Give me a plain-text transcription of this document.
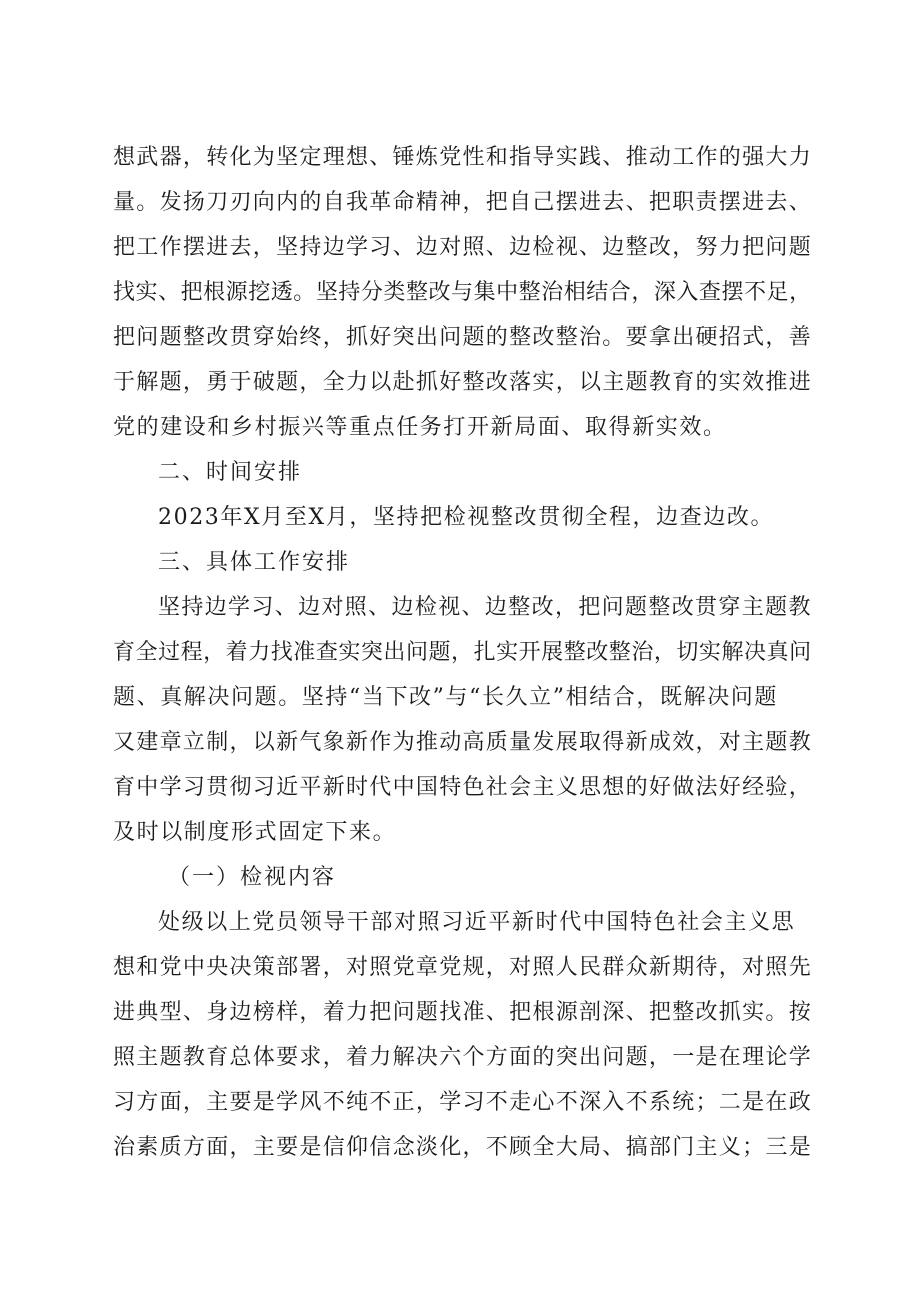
想武器，转化为坚定理想、锤炼党性和指导实践、推动工作的强大力
量。发扬刀刃向内的自我革命精神，把自己摆进去、把职责摆进去、
把工作摆进去，坚持边学习、边对照、边检视、边整改，努力把问题
找实、把根源挖透。坚持分类整改与集中整治相结合，深入查摆不足，
把问题整改贯穿始终，抓好突出问题的整改整治。要拿出硬招式，善
于解题，勇于破题，全力以赴抓好整改落实，以主题教育的实效推进
党的建设和乡村振兴等重点任务打开新局面、取得新实效。
二、时间安排
2023年X月至X月，坚持把检视整改贯彻全程，边查边改。
三、具体工作安排
坚持边学习、边对照、边检视、边整改，把问题整改贯穿主题教
育全过程，着力找准查实突出问题，扎实开展整改整治，切实解决真问
题、真解决问题。坚持“当下改”与“长久立”相结合，既解决问题
又建章立制，以新气象新作为推动高质量发展取得新成效，对主题教
育中学习贯彻习近平新时代中国特色社会主义思想的好做法好经验，
及时以制度形式固定下来。
（一）检视内容
处级以上党员领导干部对照习近平新时代中国特色社会主义思
想和党中央决策部署，对照党章党规，对照人民群众新期待，对照先
进典型、身边榜样，着力把问题找准、把根源剖深、把整改抓实。按
照主题教育总体要求，着力解决六个方面的突出问题，一是在理论学
习方面，主要是学风不纯不正，学习不走心不深入不系统；二是在政
治素质方面，主要是信仰信念淡化，不顾全大局、搞部门主义；三是
